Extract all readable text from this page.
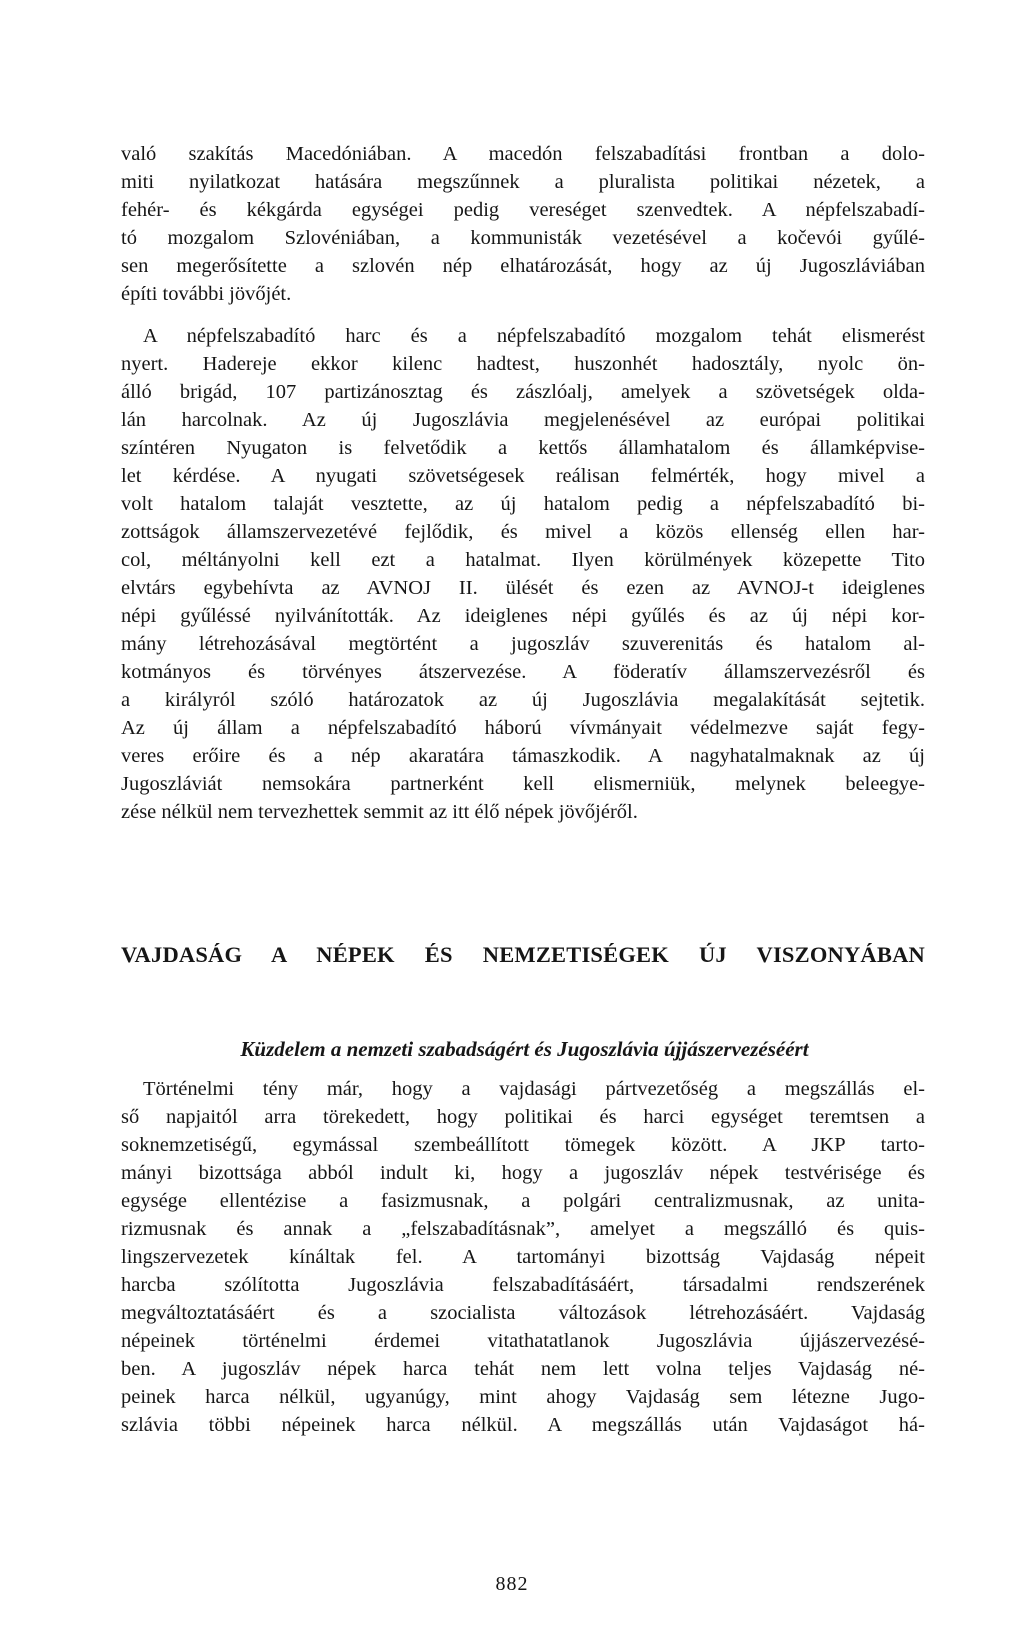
való szakítás Macedóniában. A macedón felszabadítási frontban a dolo-

miti nyilatkozat hatására megszűnnek a pluralista politikai nézetek, a

fehér- és kékgárda egységei pedig vereséget szenvedtek. A népfelszabadí-

tó mozgalom Szlovéniában, a kommunisták vezetésével a kočevói gyűlé-

sen megerősítette a szlovén nép elhatározását, hogy az új Jugoszláviában

építi további jövőjét.

A népfelszabadító harc és a népfelszabadító mozgalom tehát elismerést

nyert. Hadereje ekkor kilenc hadtest, huszonhét hadosztály, nyolc ön-

álló brigád, 107 partizánosztag és zászlóalj, amelyek a szövetségek olda-

lán harcolnak. Az új Jugoszlávia megjelenésével az európai politikai

színtéren Nyugaton is felvetődik a kettős államhatalom és államképvise-

let kérdése. A nyugati szövetségesek reálisan felmérték, hogy mivel a

volt hatalom talaját vesztette, az új hatalom pedig a népfelszabadító bi-

zottságok államszervezetévé fejlődik, és mivel a közös ellenség ellen har-

col, méltányolni kell ezt a hatalmat. Ilyen körülmények közepette Tito

elvtárs egybehívta az AVNOJ II. ülését és ezen az AVNOJ-t ideiglenes

népi gyűléssé nyilvánították. Az ideiglenes népi gyűlés és az új népi kor-

mány létrehozásával megtörtént a jugoszláv szuverenitás és hatalom al-

kotmányos és törvényes átszervezése. A föderatív államszervezésről és

a királyról szóló határozatok az új Jugoszlávia megalakítását sejtetik.

Az új állam a népfelszabadító háború vívmányait védelmezve saját fegy-

veres erőire és a nép akaratára támaszkodik. A nagyhatalmaknak az új

Jugoszláviát nemsokára partnerként kell elismerniük, melynek beleegye-

zése nélkül nem tervezhettek semmit az itt élő népek jövőjéről.

VAJDASÁG A NÉPEK ÉS NEMZETISÉGEK ÚJ VISZONYÁBAN
Küzdelem a nemzeti szabadságért és Jugoszlávia újjászervezéséért

Történelmi tény már, hogy a vajdasági pártvezetőség a megszállás el-

ső napjaitól arra törekedett, hogy politikai és harci egységet teremtsen a

soknemzetiségű, egymással szembeállított tömegek között. A JKP tarto-

mányi bizottsága abból indult ki, hogy a jugoszláv népek testvérisége és

egysége ellentézise a fasizmusnak, a polgári centralizmusnak, az unita-

rizmusnak és annak a „felszabadításnak”, amelyet a megszálló és quis-

lingszervezetek kínáltak fel. A tartományi bizottság Vajdaság népeit

harcba szólította Jugoszlávia felszabadításáért, társadalmi rendszerének

megváltoztatásáért és a szocialista változások létrehozásáért. Vajdaság

népeinek történelmi érdemei vitathatatlanok Jugoszlávia újjászervezésé-

ben. A jugoszláv népek harca tehát nem lett volna teljes Vajdaság né-

peinek harca nélkül, ugyanúgy, mint ahogy Vajdaság sem létezne Jugo-

szlávia többi népeinek harca nélkül. A megszállás után Vajdaságot há-

882
